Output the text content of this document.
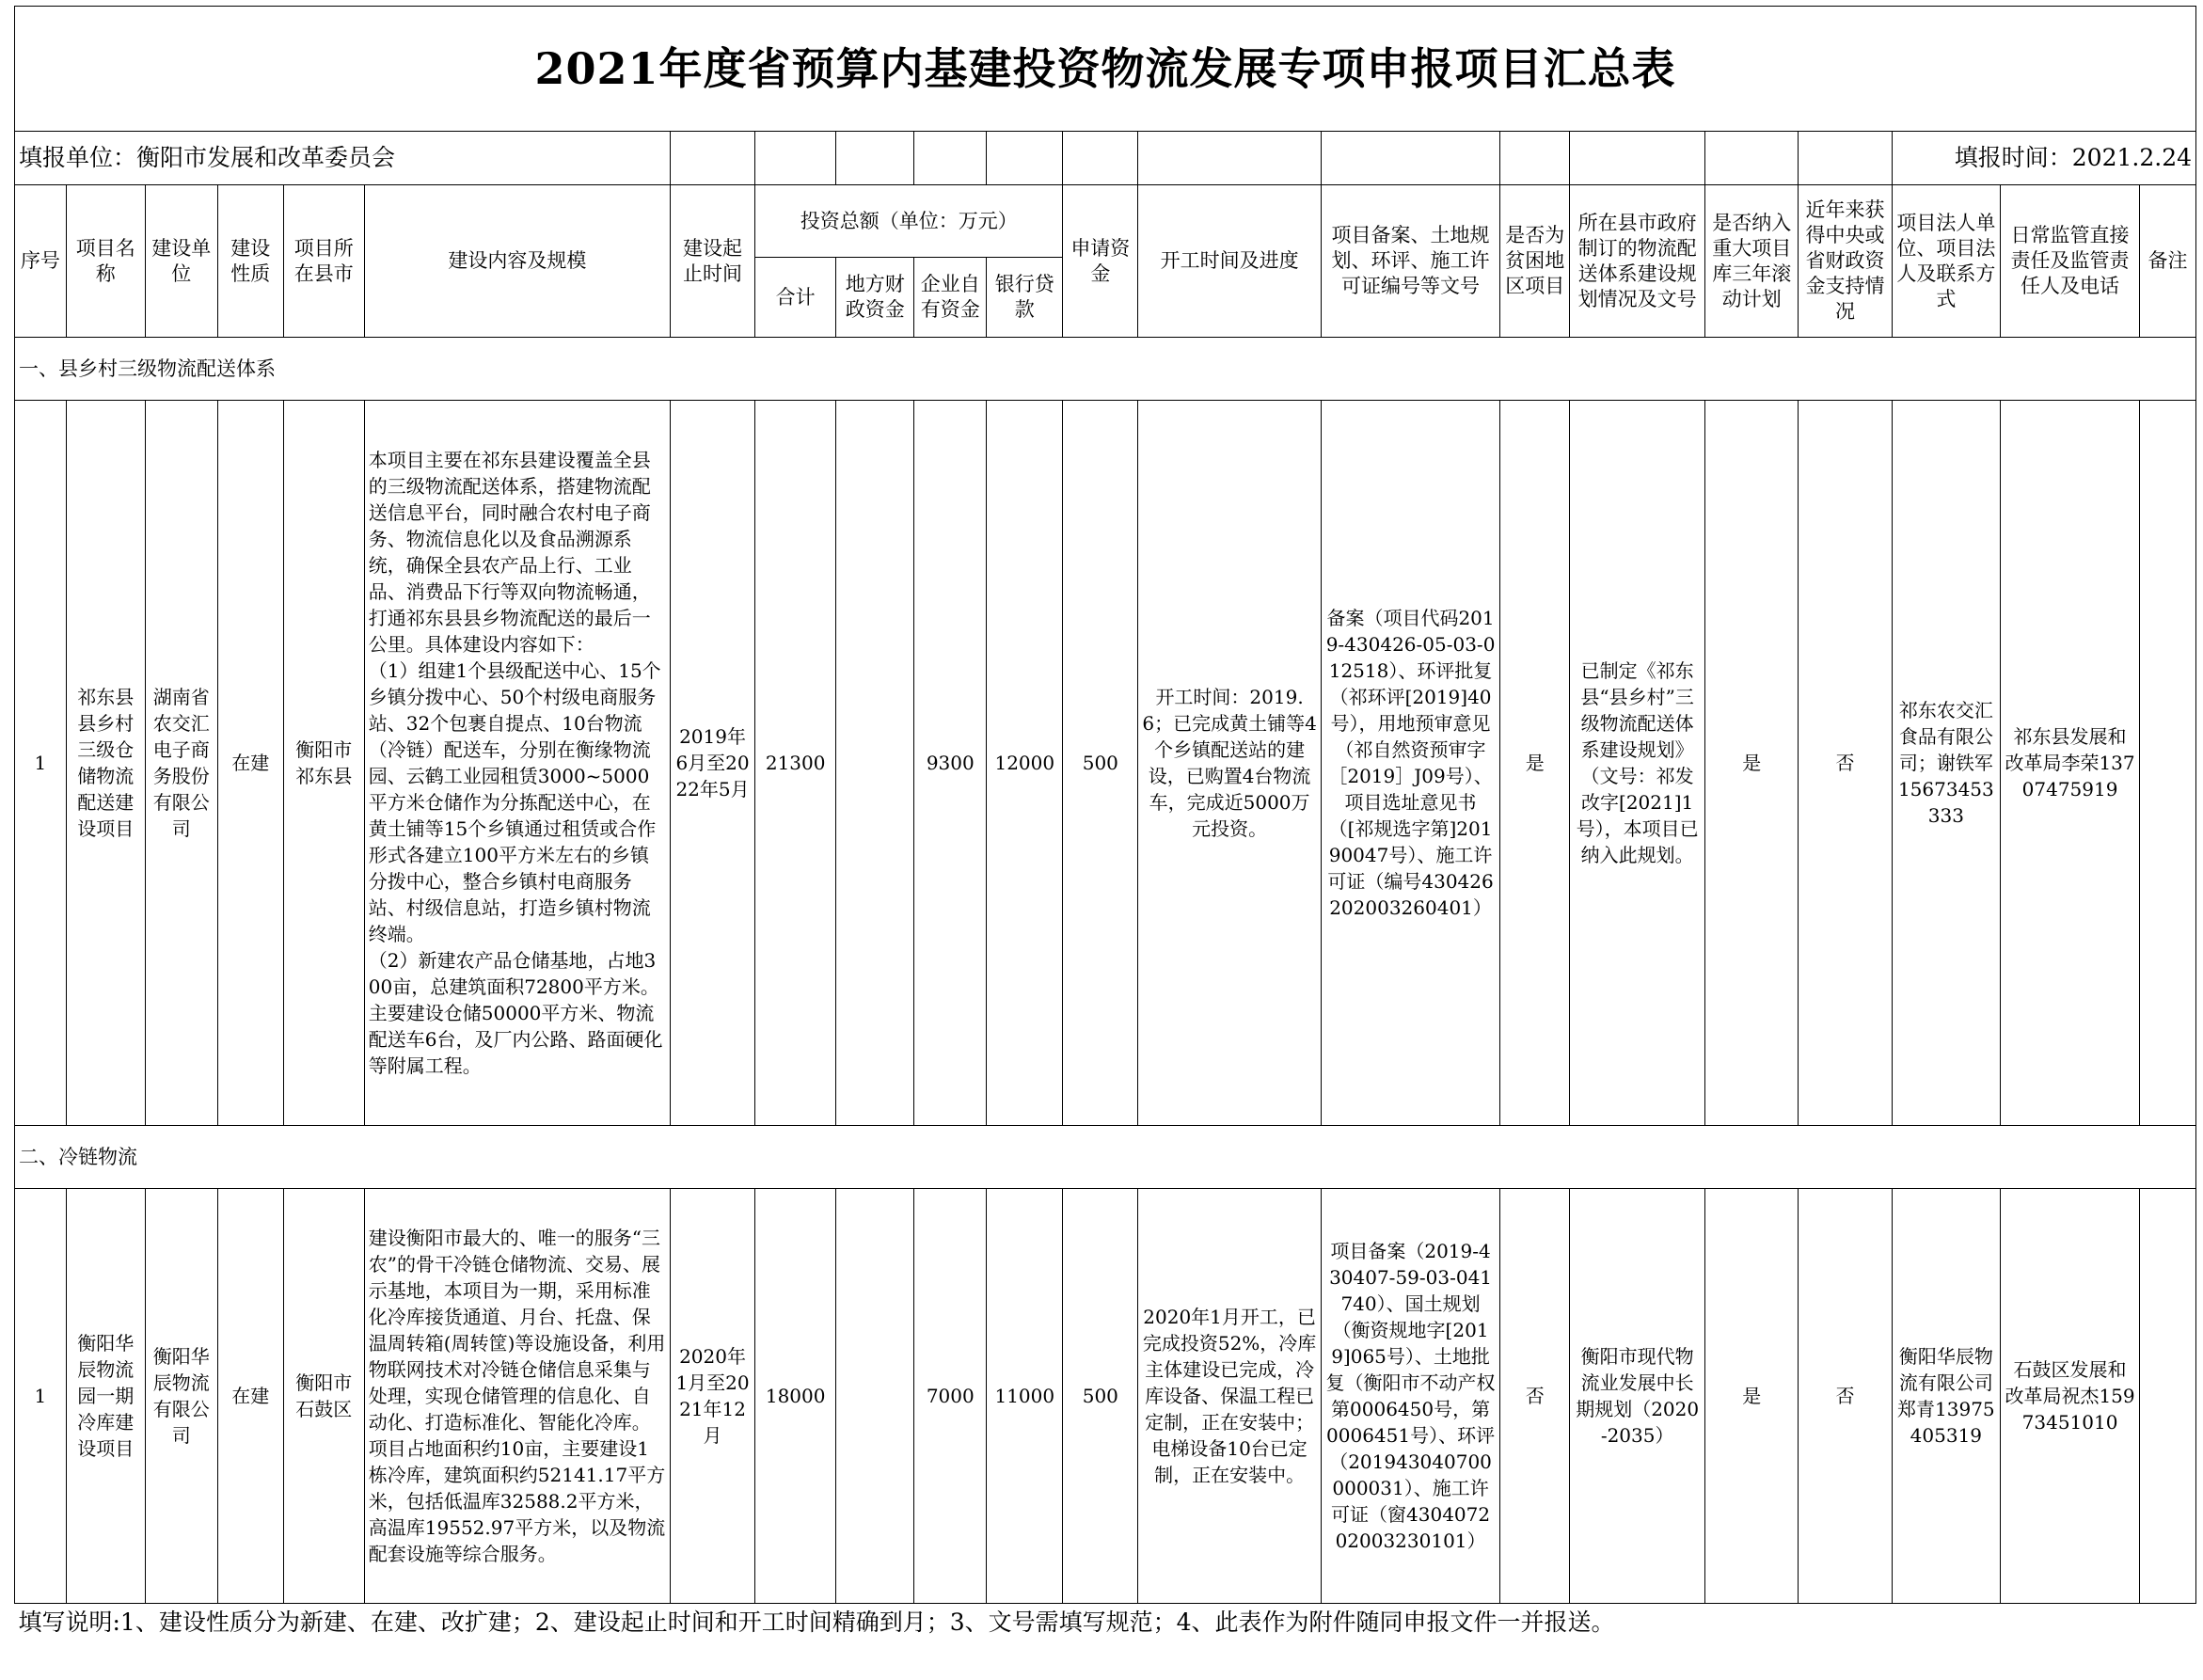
2021年度省预算内基建投资物流发展专项申报项目汇总表																				
填报单位：衡阳市发展和改革委员会																		填报时间：2021.2.24		
序号	项目名称	建设单位	建设性质	项目所在县市	建设内容及规模	建设起止时间	投资总额（单位：万元）				申请资金	开工时间及进度	项目备案、土地规划、环评、施工许可证编号等文号	是否为贫困地区项目	所在县市政府制订的物流配送体系建设规划情况及文号	是否纳入重大项目库三年滚动计划	近年来获得中央或省财政资金支持情况	项目法人单位、项目法人及联系方式	日常监管直接责任及监管责任人及电话	备注
							合计	地方财政资金	企业自有资金	银行贷款										
一、县乡村三级物流配送体系																				
1	祁东县县乡村三级仓储物流配送建设项目	湖南省农交汇电子商务股份有限公司	在建	衡阳市祁东县	本项目主要在祁东县建设覆盖全县的三级物流配送体系，搭建物流配送信息平台，同时融合农村电子商务、物流信息化以及食品溯源系统，确保全县农产品上行、工业品、消费品下行等双向物流畅通，打通祁东县县乡物流配送的最后一公里。具体建设内容如下：
（1）组建1个县级配送中心、15个乡镇分拨中心、50个村级电商服务站、32个包裹自提点、10台物流（冷链）配送车，分别在衡缘物流园、云鹤工业园租赁3000~5000平方米仓储作为分拣配送中心，在黄土铺等15个乡镇通过租赁或合作形式各建立100平方米左右的乡镇分拨中心，整合乡镇村电商服务站、村级信息站，打造乡镇村物流终端。
（2）新建农产品仓储基地，占地300亩，总建筑面积72800平方米。主要建设仓储50000平方米、物流配送车6台，及厂内公路、路面硬化等附属工程。	2019年6月至2022年5月	21300		9300	12000	500	开工时间：2019.6；已完成黄土铺等4个乡镇配送站的建设，已购置4台物流车，完成近5000万元投资。	备案（项目代码2019-430426-05-03-012518）、环评批复（祁环评[2019]40号），用地预审意见（祁自然资预审字［2019］J09号）、项目选址意见书（[祁规选字第]20190047号）、施工许可证（编号430426202003260401）	是	已制定《祁东县“县乡村”三级物流配送体系建设规划》（文号：祁发改字[2021]1号），本项目已纳入此规划。	是	否	祁东农交汇食品有限公司；谢铁军15673453333	祁东县发展和改革局李荣13707475919	
二、冷链物流																				
1	衡阳华辰物流园一期冷库建设项目	衡阳华辰物流有限公司	在建	衡阳市石鼓区	建设衡阳市最大的、唯一的服务“三农”的骨干冷链仓储物流、交易、展示基地，本项目为一期，采用标准化冷库接货通道、月台、托盘、保温周转箱(周转筐)等设施设备，利用物联网技术对冷链仓储信息采集与处理，实现仓储管理的信息化、自动化、打造标准化、智能化冷库。项目占地面积约10亩，主要建设1栋冷库，建筑面积约52141.17平方米，包括低温库32588.2平方米，高温库19552.97平方米，以及物流配套设施等综合服务。	2020年1月至2021年12月	18000		7000	11000	500	2020年1月开工，已完成投资52%，冷库主体建设已完成，冷库设备、保温工程已定制，正在安装中；电梯设备10台已定制，正在安装中。	项目备案（2019-430407-59-03-041740）、国土规划（衡资规地字[2019]065号）、土地批复（衡阳市不动产权第0006450号，第0006451号）、环评（201943040700000031）、施工许可证（窗430407202003230101）	否	衡阳市现代物流业发展中长期规划（2020-2035）	是	否	衡阳华辰物流有限公司郑青13975405319	石鼓区发展和改革局祝杰15973451010	
填写说明:1、建设性质分为新建、在建、改扩建；2、建设起止时间和开工时间精确到月；3、文号需填写规范；4、此表作为附件随同申报文件一并报送。																				
